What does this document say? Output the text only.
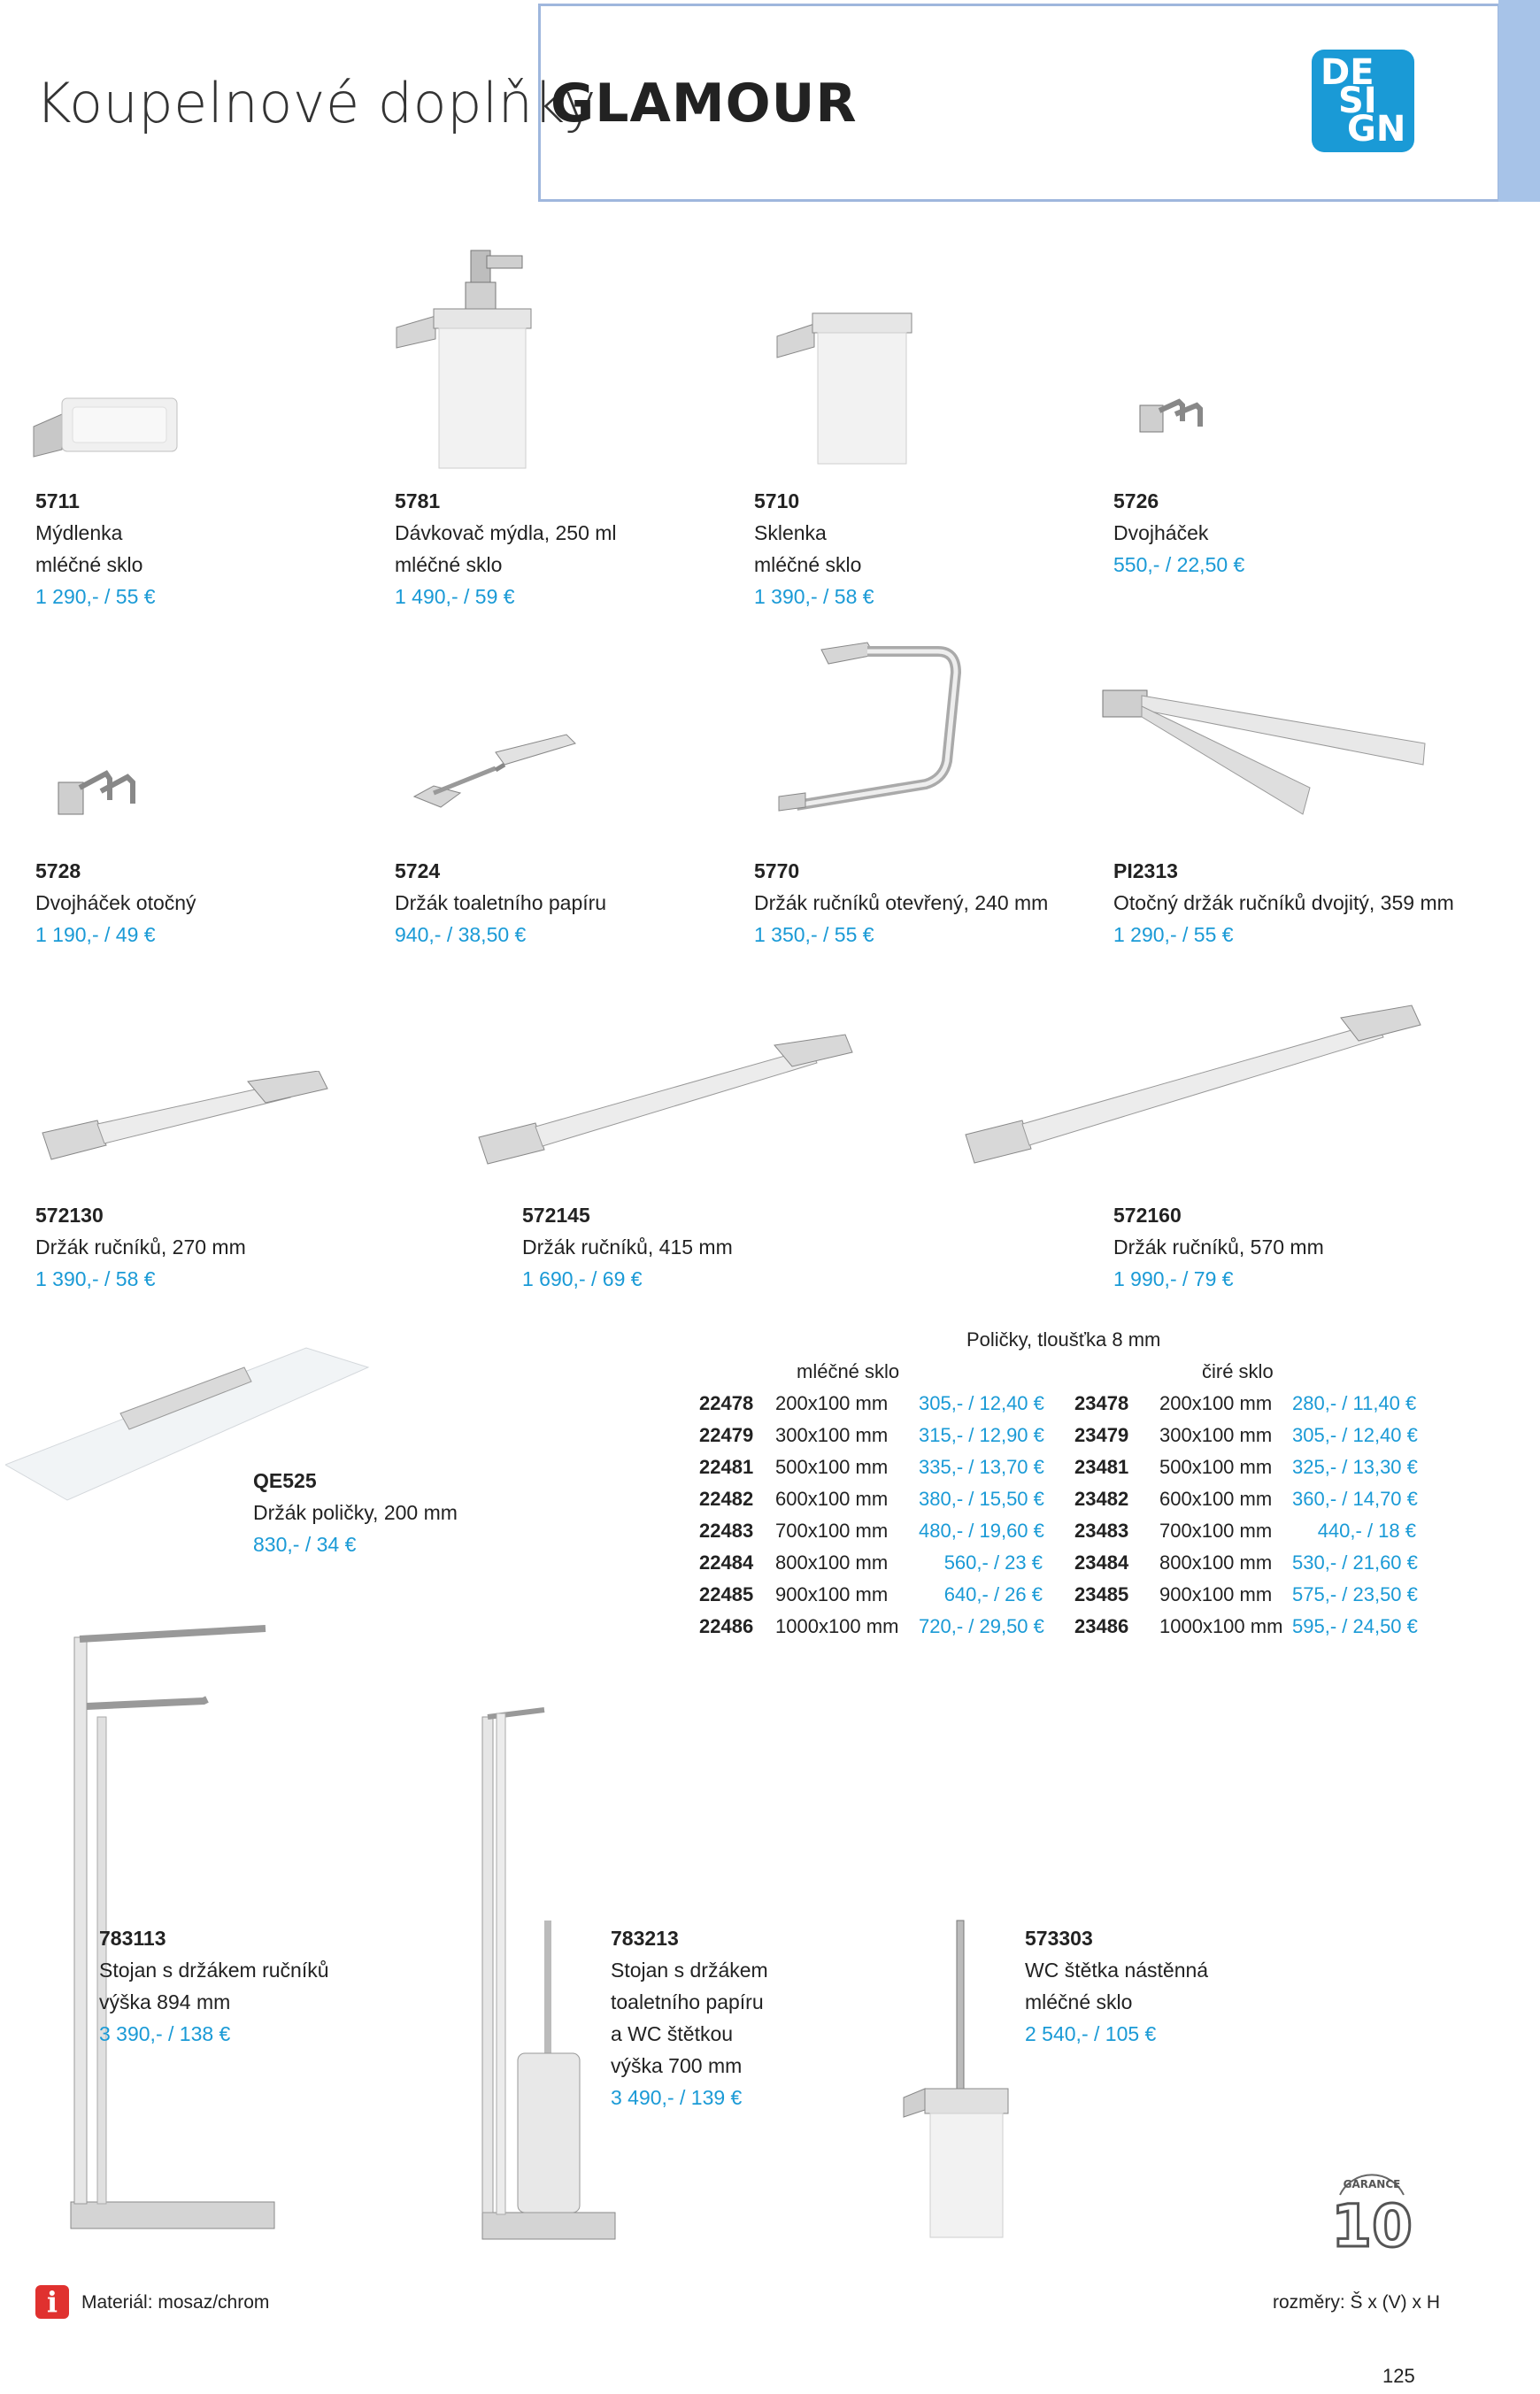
Koupelnové doplňky
GLAMOUR	DE
SI
GN
5711
Mýdlenka
mléčné sklo
1 290,- / 55 €
5781
Dávkovač mýdla, 250 ml
mléčné sklo
1 490,- / 59 €
5710
Sklenka
mléčné sklo
1 390,- / 58 €
5726
Dvojháček
550,- / 22,50 €
5728
Dvojháček otočný
1 190,- / 49 €
5724
Držák toaletního papíru
940,- / 38,50 €
5770
Držák ručníků otevřený, 240 mm
1 350,- / 55 €
PI2313
Otočný držák ručníků dvojitý, 359 mm
1 290,- / 55 €
572130
Držák ručníků, 270 mm
1 390,- / 58 €
572145
Držák ručníků, 415 mm
1 690,- / 69 €
572160
Držák ručníků, 570 mm
1 990,- / 79 €
QE525
Držák poličky, 200 mm
830,- / 34 €
Poličky, tloušťka 8 mm
mléčné sklo	čiré sklo
22478 200x100 mm 305,- / 12,40 € 23478 200x100 mm 280,- / 11,40 €
22479 300x100 mm 315,- / 12,90 € 23479 300x100 mm 305,- / 12,40 €
22481 500x100 mm 335,- / 13,70 € 23481 500x100 mm 325,- / 13,30 €
22482 600x100 mm 380,- / 15,50 € 23482 600x100 mm 360,- / 14,70 €
22483 700x100 mm 480,- / 19,60 € 23483 700x100 mm	440,- / 18 €
22484 800x100 mm	560,- / 23 € 23484 800x100 mm 530,- / 21,60 €
22485 900x100 mm	640,- / 26 € 23485 900x100 mm 575,- / 23,50 €
22486 1000x100 mm 720,- / 29,50 € 23486 1000x100 mm 595,- / 24,50 €
783113
Stojan s držákem ručníků
výška 894 mm
3 390,- / 138 €
783213
Stojan s držákem
toaletního papíru
a WC štětkou
výška 700 mm
3 490,- / 139 €
573303
WC štětka nástěnná
mléčné sklo
2 540,- / 105 €
GARANCE
10
i	Materiál: mosaz/chrom	rozměry: Š x (V) x H
125
